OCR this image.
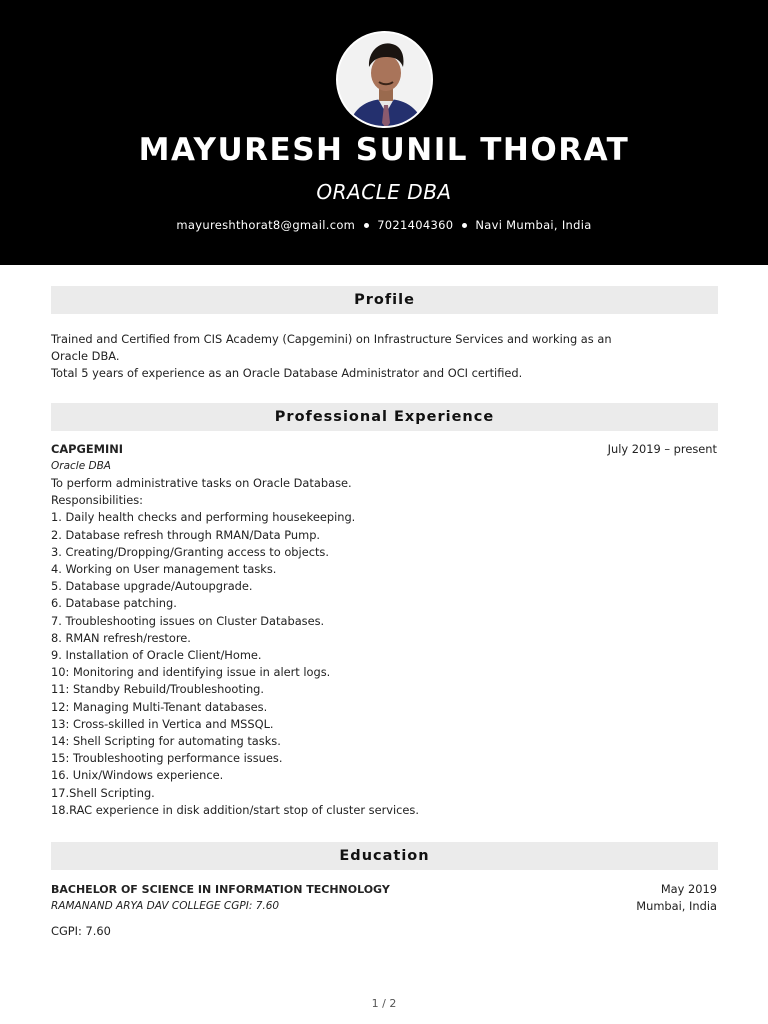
MAYURESH SUNIL THORAT
ORACLE DBA
mayureshthorat8@gmail.com 7021404360 Navi Mumbai, India
Profile
Trained and Certified from CIS Academy (Capgemini) on Infrastructure Services and working as an
Oracle DBA.
Total 5 years of experience as an Oracle Database Administrator and OCI certified.
Professional Experience
CAPGEMINI	July 2019 – present
Oracle DBA
To perform administrative tasks on Oracle Database.
Responsibilities:
1. Daily health checks and performing housekeeping.
2. Database refresh through RMAN/Data Pump.
3. Creating/Dropping/Granting access to objects.
4. Working on User management tasks.
5. Database upgrade/Autoupgrade.
6. Database patching.
7. Troubleshooting issues on Cluster Databases.
8. RMAN refresh/restore.
9. Installation of Oracle Client/Home.
10: Monitoring and identifying issue in alert logs.
11: Standby Rebuild/Troubleshooting.
12: Managing Multi-Tenant databases.
13: Cross-skilled in Vertica and MSSQL.
14: Shell Scripting for automating tasks.
15: Troubleshooting performance issues.
16. Unix/Windows experience.
17.Shell Scripting.
18.RAC experience in disk addition/start stop of cluster services.
Education
BACHELOR OF SCIENCE IN INFORMATION TECHNOLOGY	May 2019
RAMANAND ARYA DAV COLLEGE CGPI: 7.60	Mumbai, India
CGPI: 7.60
1 / 2
